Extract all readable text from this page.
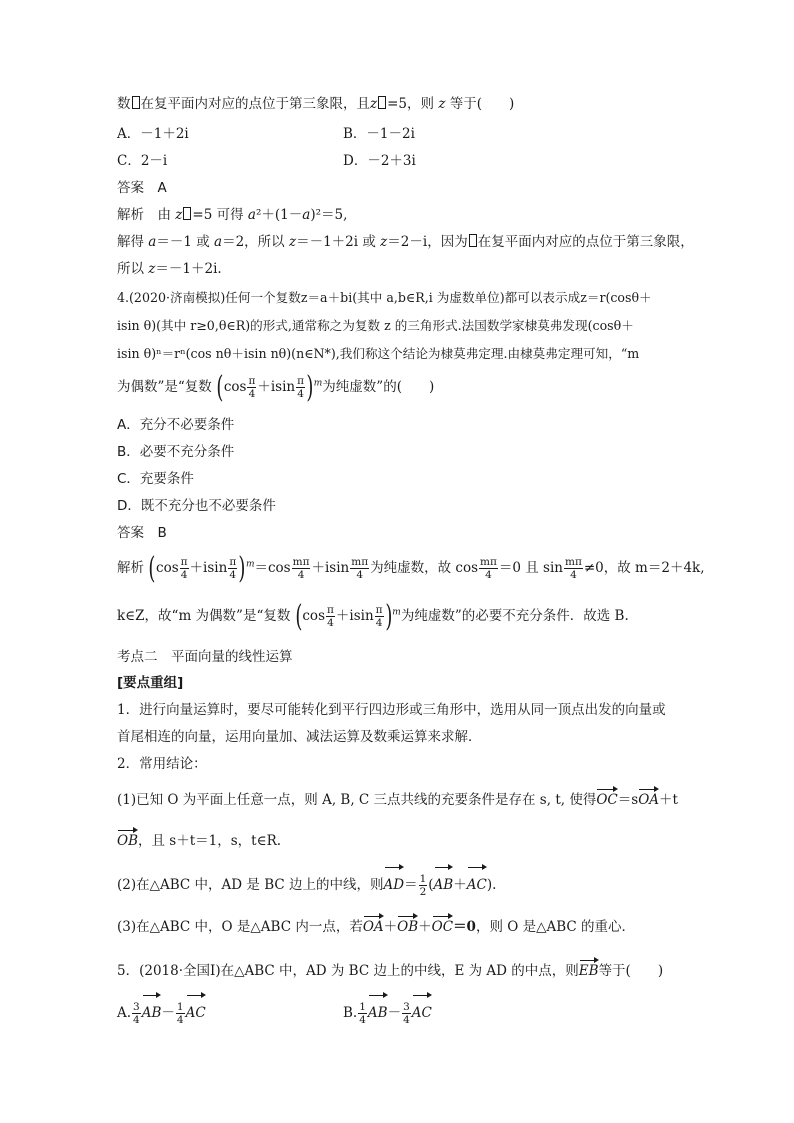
数 在复平面内对应的点位于第三象限，且z =5，则 z 等于(　　)
A．－1＋2i	B．－1－2i
C．2－i	D．－2＋3i
答案　A
解析　由 z =5 可得 a²＋(1－a)²＝5,
解得 a＝－1 或 a＝2，所以 z＝－1＋2i 或 z＝2－i，因为 在复平面内对应的点位于第三象限，
所以 z＝－1＋2i.
4.(2020·济南模拟)任何一个复数z＝a＋bi(其中 a,b∈R,i 为虚数单位)都可以表示成z＝r(cosθ＋
isin θ)(其中 r≥0,θ∈R)的形式,通常称之为复数 z 的三角形式.法国数学家棣莫弗发现(cosθ＋
isin θ)ⁿ＝rⁿ(cos nθ＋isin nθ)(n∈N*),我们称这个结论为棣莫弗定理.由棣莫弗定理可知，“m
为偶数”是“复数 $(\cos \frac{\pi}{4} +isin \frac{\pi}{4} )^m$为纯虚数”的(　　)
A．充分不必要条件
B．必要不充分条件
C．充要条件
D．既不充分也不必要条件
答案　B
解析 $(\cos \frac{\pi}{4} +isin \frac{\pi}{4} )^m=\cos \frac{m\pi}{4} +isin \frac{m\pi}{4}$ 为纯虚数，故 $\cos \frac{m\pi}{4} =0$ 且 $\sin \frac{m\pi}{4} \ne 0$，故 m＝2＋4k,
k∈Z，故“m 为偶数”是“复数 $(\cos \frac{\pi}{4} +isin \frac{\pi}{4} )^m$为纯虚数”的必要不充分条件．故选 B.
考点二　平面向量的线性运算
[要点重组]
1．进行向量运算时，要尽可能转化到平行四边形或三角形中，选用从同一顶点出发的向量或
首尾相连的向量，运用向量加、减法运算及数乘运算来求解．
2．常用结论：
(1)已知 O 为平面上任意一点，则 A, B, C 三点共线的充要条件是存在 s, t, 使得OC＝sOA＋t
OB，且 s＋t＝1，s，t∈R.
(2)在△ABC 中，AD 是 BC 边上的中线，则$AD= \frac{1}{2} (AB+AC)$.
(3)在△ABC 中，O 是△ABC 内一点，若OA＋OB＋OC＝0，则 O 是△ABC 的重心．
5．(2018·全国Ⅰ)在△ABC 中，AD 为 BC 边上的中线，E 为 AD 的中点，则EB等于(　　)
A. $\frac{3}{4} AB- \frac{1}{4}$ AC	B. $\frac{1}{4} AB- \frac{3}{4}$ AC
